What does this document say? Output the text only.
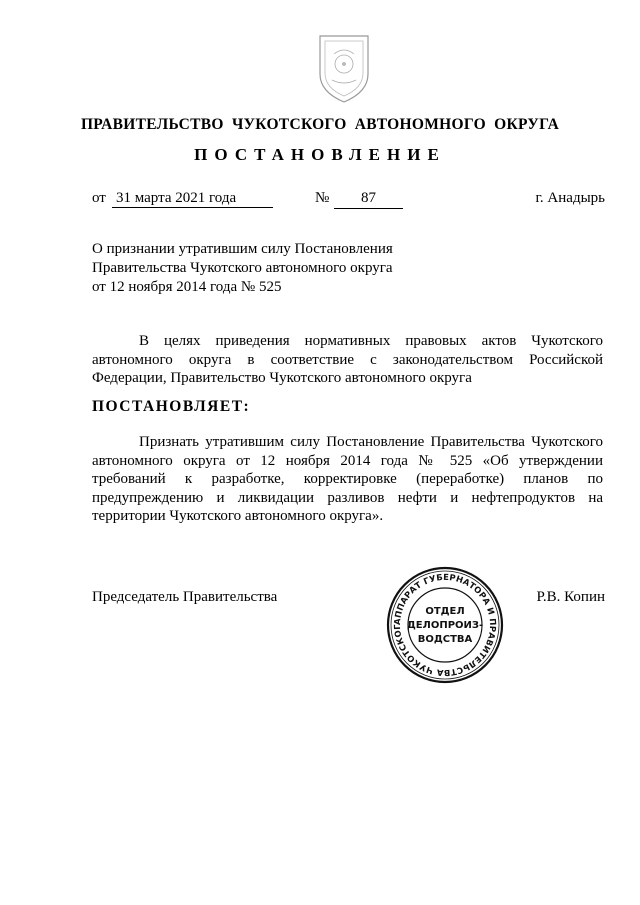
ПРАВИТЕЛЬСТВО ЧУКОТСКОГО АВТОНОМНОГО ОКРУГА
ПОСТАНОВЛЕНИЕ
от 31 марта 2021 года	№	87	г. Анадырь
О признании утратившим силу Постановления
Правительства Чукотского автономного округа
от 12 ноября 2014 года № 525
В целях приведения нормативных правовых актов Чукотского автономного округа в соответствие с законодательством Российской Федерации, Правительство Чукотского автономного округа
ПОСТАНОВЛЯЕТ:
Признать утратившим силу Постановление Правительства Чукотского автономного округа от 12 ноября 2014 года № 525 «Об утверждении требований к разработке, корректировке (переработке) планов по предупреждению и ликвидации разливов нефти и нефтепродуктов на территории Чукотского автономного округа».
Председатель Правительства	Р.В. Копин
АППАРАТ ГУБЕРНАТОРА И ПРАВИТЕЛЬСТВА ЧУКОТСКОГ
ОТДЕЛ
ДЕЛОПРОИЗ-
ВОДСТВА
